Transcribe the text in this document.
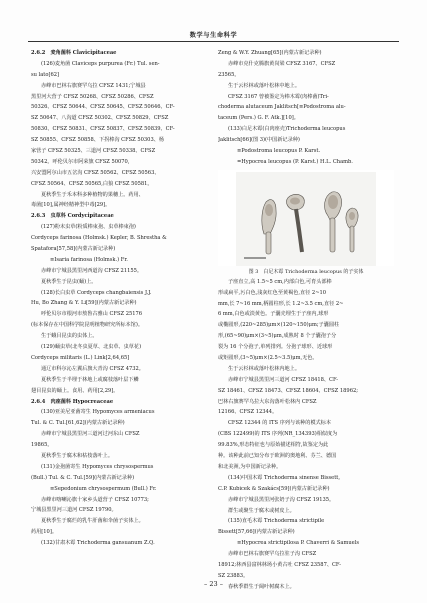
数学与生命科学
2.6.2　麦角菌科 Clavicipitaceae
(126)麦角菌 Claviceps purpurea (Fr.) Tul. sen-
su lato[62]
赤峰市巴林右旗赛罕乌拉 CFSZ 1431;宁城县
黑里河大营子 CFSZ 50268、CFSZ 50286、CFSZ
50326、CFSZ 50644、CFSZ 50645、CFSZ 50646、CF-
SZ 50647、八沟道 CFSZ 50302、CFSZ 50829、CFSZ
50830、CFSZ 50831、CFSZ 50837、CFSZ 50839、CF-
SZ 50855、CFSZ 50858、下拐棒沟 CFSZ 50303、杨
家营子 CFSZ 50325、三道河 CFSZ 50338、CFSZ
50342。呼伦贝尔市阿荣旗 CFSZ 50070,
兴安盟阿尔山市五岔沟 CFSZ 50562、CFSZ 50563、
CFSZ 50564、CFSZ 50565,白狼 CFSZ 50581。
夏秋季生于禾本科多种植物的果穗上。药用、
毒菌[10],属神经精神型中毒[29]。
2.6.3　虫草科 Cordycipitaceae
(127)粉末虫草(粉质棒束孢、虫草棒束孢)
Cordyceps farinosa (Holmsk.) Kepler, B. Shrestha &
Spatafora[57,58](内蒙古新记录种)
≡Isaria farinosa (Holmsk.) Fr.
赤峰市宁城县黑里河西道沟 CFSZ 21155。
夏秋季生于昆虫(蛹)上。
(128)长白虫草 Cordyceps changbaiensis J.J.
Hu, Bo Zhang & Y. Li[59](内蒙古新记录种)
呼伦贝尔市根河市敖鲁古雅山 CFSZ 25176
(标本保存在中国科学院昆明植物研究所标本馆)。
生于蛾目昆虫的虫体上。
(129)蛹虫草(北冬虫夏草、北虫草、虫草花)
Cordyceps militaris (L.) Link[2,64,65]
通辽市科尔沁左翼后旗大青沟 CFSZ 4732。
夏秋季生于半埋于林地上或腐枝落叶层下鳞
翅目昆虫的蛹上。食用、药用[2,29]。
2.6.4　肉座菌科 Hypocreaceae
(130)亚美尼亚菌寄生 Hypomyces armeniacus
Tul. & C. Tul.[61,62](内蒙古新记录种)
赤峰市宁城县黑里河三道河过河东山 CFSZ
19865。
夏秋季生于腐木和枯枝落叶上。
(131)金孢菌寄生 Hypomyces chrysospermus
(Bull.) Tul. & C. Tul.[59](内蒙古新记录种)
≡Sepedonium chrysospermum (Bull.) Fr.
赤峰市喀喇沁旗十家乡头道营子 CFSZ 10773;
宁城县黑里河三道河 CFSZ 19790。
夏秋季生于腐烂的乳牛肝菌和伞菌子实体上。
药用[10]。
(132)甘肃木霉 Trichoderma gansuanum Z.Q.
Zeng & W.Y. Zhuang[65](内蒙古新记录种)
赤峰市克什克腾旗黄岗梁 CFSZ 3167、CFSZ
23565。
生于云杉林或落叶松林中地上。
CFSZ 3167 曾被鉴定为棒木霉(肉棒菌)Tri-
choderma alutaceum Jaklitsch[≡Podostroma alu-
taceum (Pers.) G. F. Atk.][10]。
(133)白足木霉(白肉座壳)Trichoderma leucopus
Jaklitsch[66](图 3)(中国新记录种)
≡Podostroma leucopus P. Karst.
=Hypocrea leucopus (P. Karst.) H.L. Chamb.
图 3　白足木霉 Trichoderma leucopus 的子实体
子座直立,高 1.5~5 cm,内部白色,可育头部棒
形或扁平,污白色,浅灰红色至黄褐色,直径 2~10
mm,长 7~16 mm,柄圆柱形,长 1.2~3.5 cm,直径 2~
6 mm,白色或淡黄色。子囊壳埋生于子座内,球形
或椭圆形,(220~285)μm×(120~150)μm;子囊圆柱
形,(65~90)μm×(3~5)μm,成熟时 8 个子囊孢子分
裂为 16 个分孢子,单列排列。分孢子球形、近球形
或矩圆形,(3~5)μm×(2.5~3.5)μm,无色。
生于云杉林或落叶松林内地上。
赤峰市宁城县黑里河三道河 CFSZ 18418、CF-
SZ 18461、CFSZ 18473、CFSZ 18604、CFSZ 18962;
巴林右旗赛罕乌拉大东沟落叶松林内 CFSZ
12166、CFSZ 12344。
CFSZ 12344 的 ITS 序列与该种的模式标本
(CBS 122499)的 ITS 序列(NR_134393)相似度为
99.83%,形态特征也与原始描述相符,故鉴定为此
种。该种此前已知分布于欧洲的奥地利、芬兰、德国
和北美洲,为中国新记录种。
(134)中国木霉 Trichoderma sinense Bissett,
C.P. Kubicek & Szakács[59](内蒙古新记录种)
赤峰市宁城县黑里河张奶子沟 CFSZ 19135。
群生或聚生于腐木或树皮上。
(135)直毛木霉 Trichoderma strictipile
Bissett[57,66](内蒙古新记录种)
≡Hypocrea strictipilosa P. Chaverri & Samuels
赤峰市巴林右旗赛罕乌拉驻子沟 CFSZ
18912;林西县富林林场小黄古吐 CFSZ 23587、CF-
SZ 23883。
春秋季群生于阔叶树腐木上。
– 23 –
